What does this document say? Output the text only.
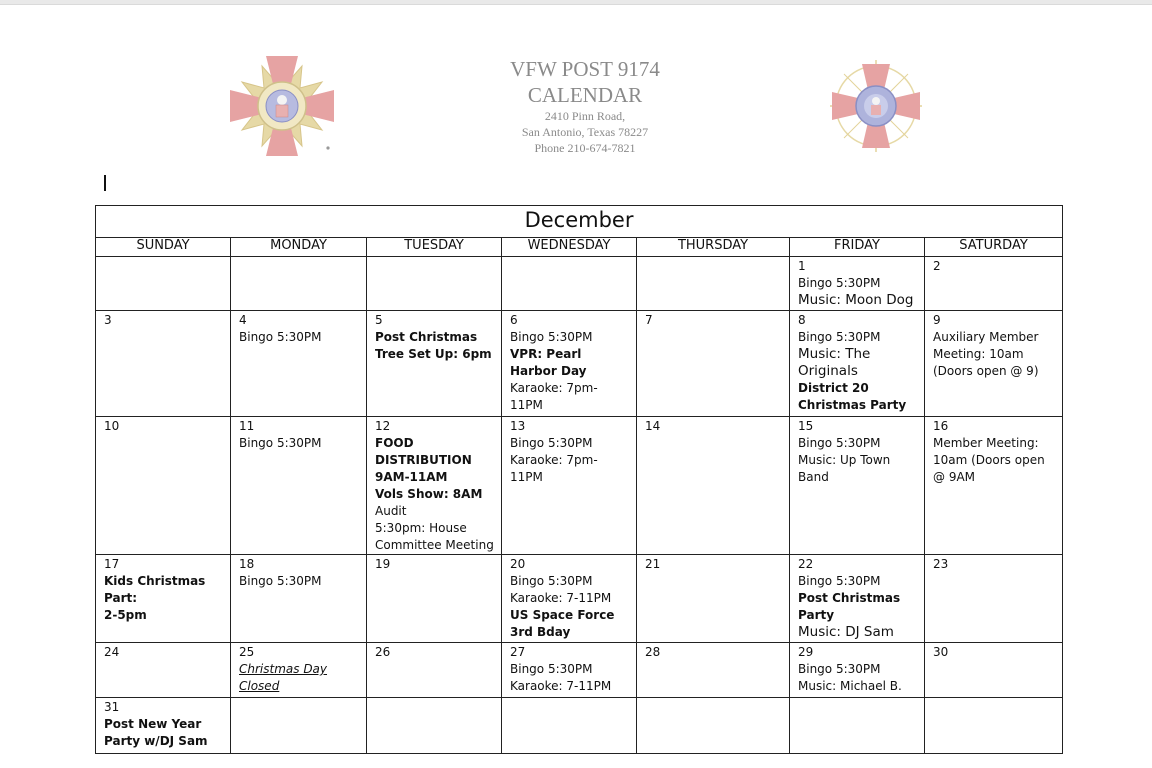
VFW POST 9174
CALENDAR
2410 Pinn Road,
San Antonio, Texas 78227
Phone 210-674-7821
December						
SUNDAY	MONDAY	TUESDAY	WEDNESDAY	THURSDAY	FRIDAY	SATURDAY

					1
Bingo 5:30PM
Music: Moon Dog	2

3	4
Bingo 5:30PM	5
Post Christmas Tree Set Up: 6pm	6
Bingo 5:30PM
VPR: Pearl Harbor Day
Karaoke: 7pm-11PM	7	8
Bingo 5:30PM
Music: The Originals
District 20 Christmas Party	9
Auxiliary Member Meeting: 10am (Doors open @ 9)

10	11
Bingo 5:30PM	12
FOOD DISTRIBUTION 9AM-11AM
Vols Show: 8AM
Audit
5:30pm: House Committee Meeting	13
Bingo 5:30PM
Karaoke: 7pm-11PM	14	15
Bingo 5:30PM
Music: Up Town Band	16
Member Meeting: 10am (Doors open @ 9AM

17
Kids Christmas Part:
2-5pm	18
Bingo 5:30PM	19	20
Bingo 5:30PM
Karaoke: 7-11PM
US Space Force 3rd Bday	21	22
Bingo 5:30PM
Post Christmas Party
Music: DJ Sam	23

24	25
Christmas Day Closed	26	27
Bingo 5:30PM
Karaoke: 7-11PM	28	29
Bingo 5:30PM
Music: Michael B.	30

31
Post New Year Party w/DJ Sam						
